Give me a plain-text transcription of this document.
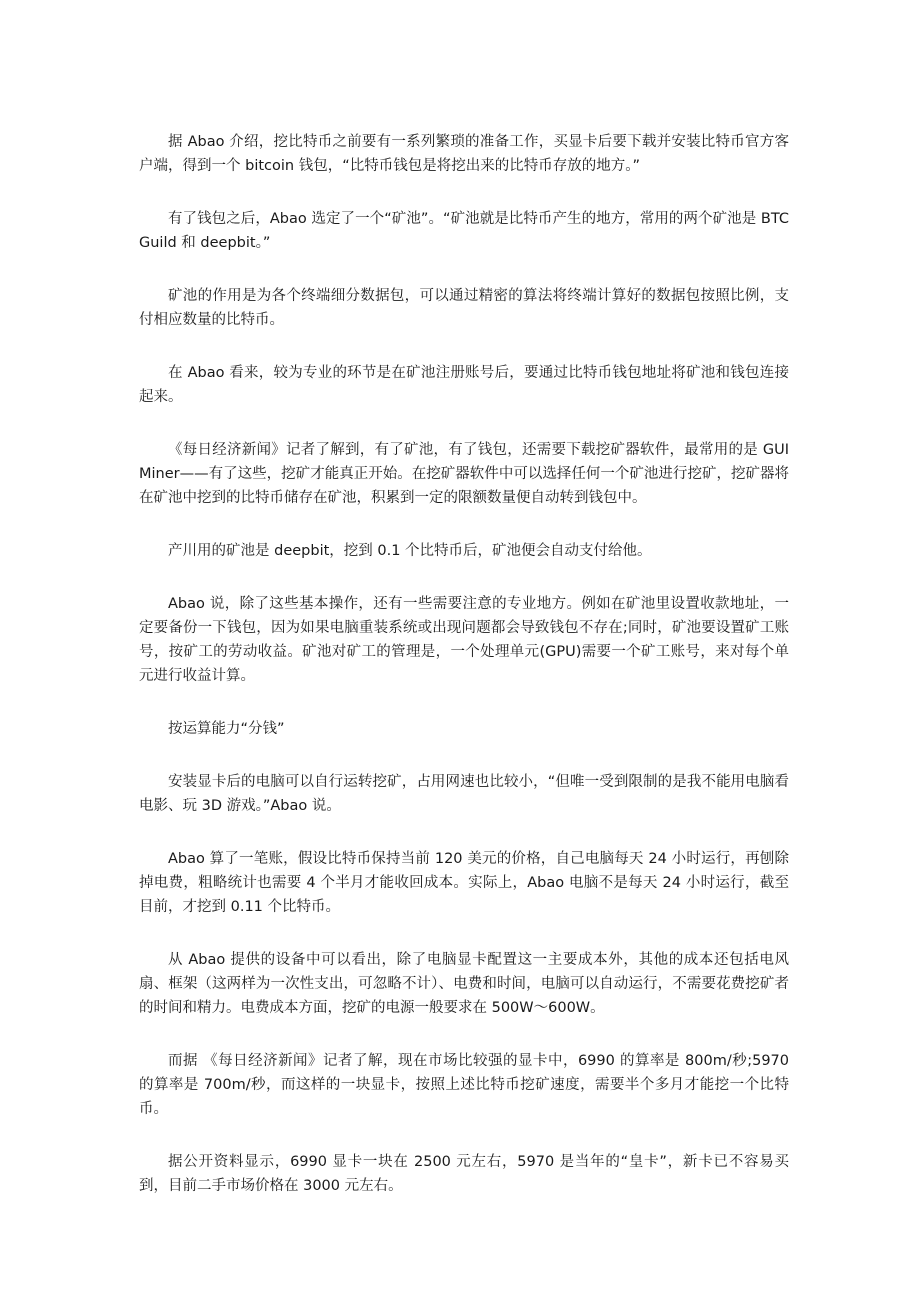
据 Abao 介绍，挖比特币之前要有一系列繁琐的准备工作，买显卡后要下载并安装比特币官方客户端，得到一个 bitcoin 钱包，“比特币钱包是将挖出来的比特币存放的地方。”

有了钱包之后，Abao 选定了一个“矿池”。“矿池就是比特币产生的地方，常用的两个矿池是 BTCGuild 和 deepbit。”

矿池的作用是为各个终端细分数据包，可以通过精密的算法将终端计算好的数据包按照比例，支付相应数量的比特币。

在 Abao 看来，较为专业的环节是在矿池注册账号后，要通过比特币钱包地址将矿池和钱包连接起来。

《每日经济新闻》记者了解到，有了矿池，有了钱包，还需要下载挖矿器软件，最常用的是 GUIMiner——有了这些，挖矿才能真正开始。在挖矿器软件中可以选择任何一个矿池进行挖矿，挖矿器将在矿池中挖到的比特币储存在矿池，积累到一定的限额数量便自动转到钱包中。

产川用的矿池是 deepbit，挖到 0.1 个比特币后，矿池便会自动支付给他。

Abao 说，除了这些基本操作，还有一些需要注意的专业地方。例如在矿池里设置收款地址，一定要备份一下钱包，因为如果电脑重装系统或出现问题都会导致钱包不存在;同时，矿池要设置矿工账号，按矿工的劳动收益。矿池对矿工的管理是，一个处理单元(GPU)需要一个矿工账号，来对每个单元进行收益计算。

按运算能力“分钱”

安装显卡后的电脑可以自行运转挖矿，占用网速也比较小，“但唯一受到限制的是我不能用电脑看电影、玩 3D 游戏。”Abao 说。

Abao 算了一笔账，假设比特币保持当前 120 美元的价格，自己电脑每天 24 小时运行，再刨除掉电费，粗略统计也需要 4 个半月才能收回成本。实际上，Abao 电脑不是每天 24 小时运行，截至目前，才挖到 0.11 个比特币。

从 Abao 提供的设备中可以看出，除了电脑显卡配置这一主要成本外，其他的成本还包括电风扇、框架（这两样为一次性支出，可忽略不计）、电费和时间，电脑可以自动运行，不需要花费挖矿者的时间和精力。电费成本方面，挖矿的电源一般要求在 500W～600W。

而据 《每日经济新闻》记者了解，现在市场比较强的显卡中，6990 的算率是 800m/秒;5970 的算率是 700m/秒，而这样的一块显卡，按照上述比特币挖矿速度，需要半个多月才能挖一个比特币。

据公开资料显示，6990 显卡一块在 2500 元左右，5970 是当年的“皇卡”，新卡已不容易买到，目前二手市场价格在 3000 元左右。
